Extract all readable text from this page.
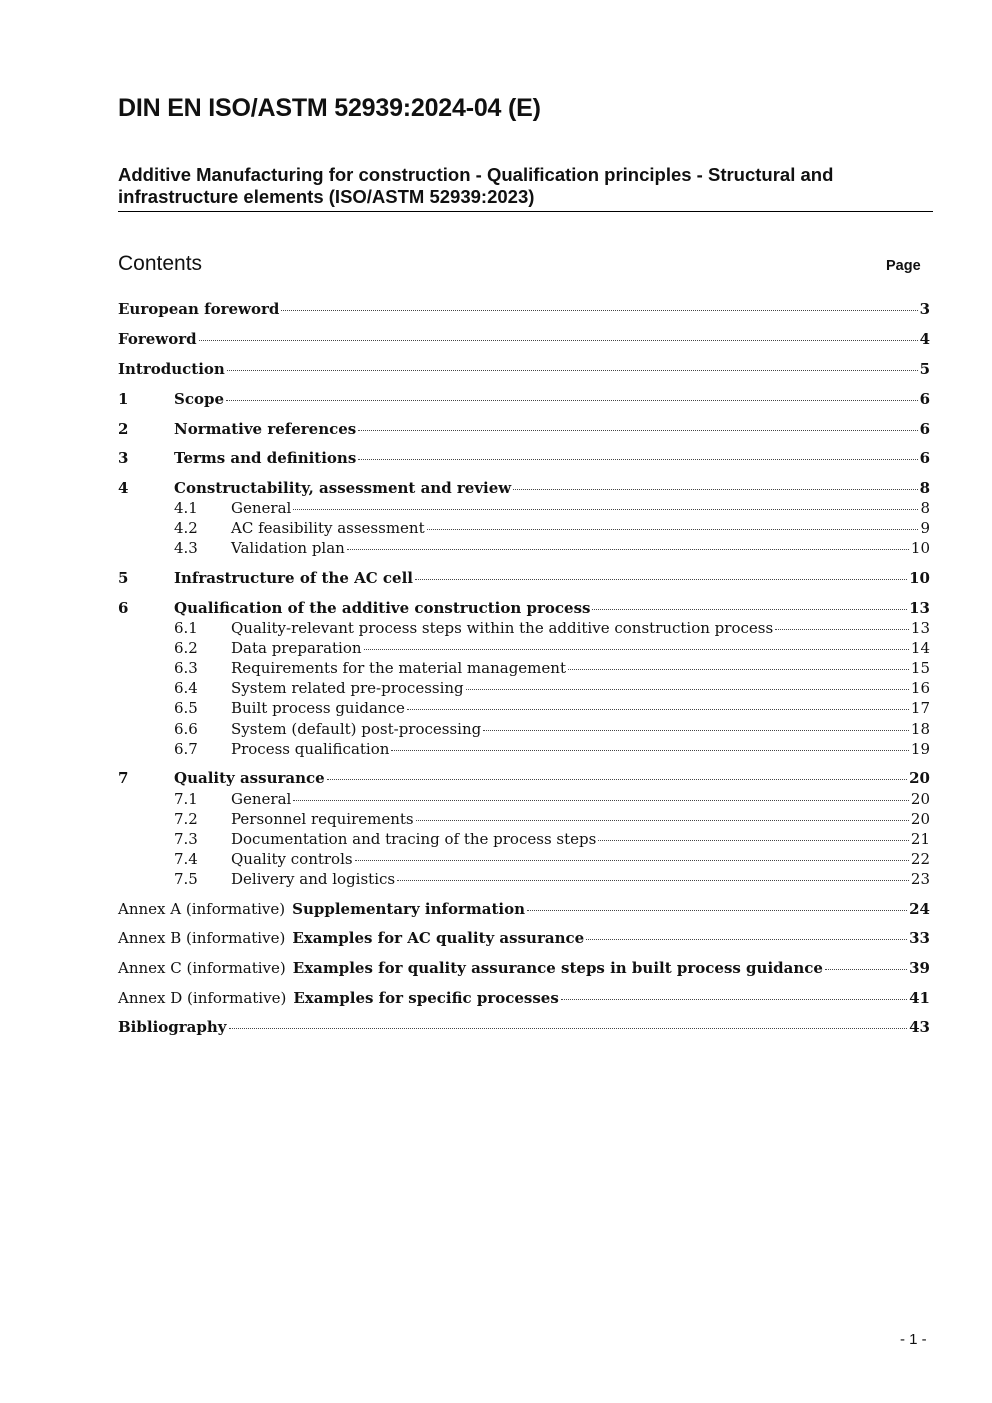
DIN EN ISO/ASTM 52939:2024-04 (E)
Additive Manufacturing for construction - Qualification principles - Structural and
infrastructure elements (ISO/ASTM 52939:2023)
Contents	Page
European foreword	3
Foreword	4
Introduction	5
1	Scope	6
2	Normative references	6
3	Terms and definitions	6
4	Constructability, assessment and review	8
4.1	General	8
4.2	AC feasibility assessment	9
4.3	Validation plan	10
5	Infrastructure of the AC cell	10
6	Qualification of the additive construction process	13
6.1	Quality-relevant process steps within the additive construction process	13
6.2	Data preparation	14
6.3	Requirements for the material management	15
6.4	System related pre-processing	16
6.5	Built process guidance	17
6.6	System (default) post-processing	18
6.7	Process qualification	19
7	Quality assurance	20
7.1	General	20
7.2	Personnel requirements	20
7.3	Documentation and tracing of the process steps	21
7.4	Quality controls	22
7.5	Delivery and logistics	23
Annex A (informative) Supplementary information	24
Annex B (informative) Examples for AC quality assurance	33
Annex C (informative) Examples for quality assurance steps in built process guidance	39
Annex D (informative) Examples for specific processes	41
Bibliography	43
- 1 -
